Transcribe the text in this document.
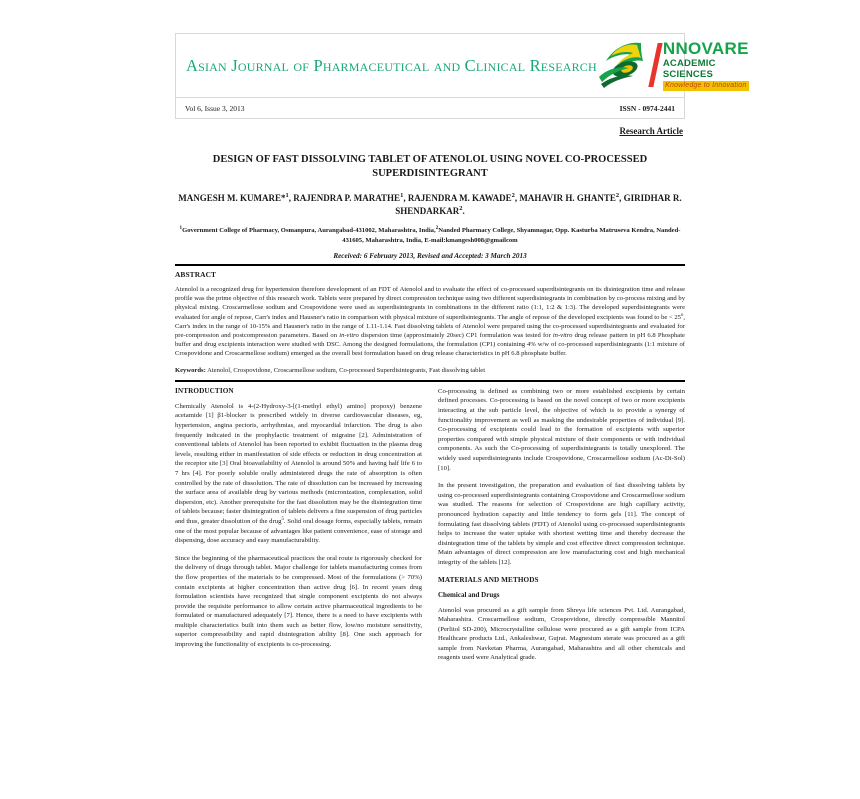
Asian Journal of Pharmaceutical and Clinical Research
NNOVARE
ACADEMIC SCIENCES
Knowledge to Innovation
Vol 6, Issue 3, 2013	ISSN - 0974-2441
Research Article
DESIGN OF FAST DISSOLVING TABLET OF ATENOLOL USING NOVEL CO-PROCESSED SUPERDISINTEGRANT
MANGESH M. KUMARE*$^1$, RAJENDRA P. MARATHE$^1$, RAJENDRA M. KAWADE$^2$, MAHAVIR H. GHANTE$^2$, GIRIDHAR R. SHENDARKAR$^2$.
$^1$Government College of Pharmacy, Osmanpura, Aurangabad-431002, Maharashtra, India,$^2$Nanded Pharmacy College, Shyamnagar, Opp. Kasturba Matruseva Kendra, Nanded-431605, Maharashtra, India, E-mail:kmangesh008@gmailcom
Received: 6 February 2013, Revised and Accepted: 3 March 2013
ABSTRACT
Atenolol is a recognized drug for hypertension therefore development of an FDT of Atenolol and to evaluate the effect of co-processed superdisintegrants on its disintegration time and release profile was the prime objective of this research work. Tablets were prepared by direct compression technique using two different superdisintegrants in combination by co-process mixing and by physical mixing. Croscarmellose sodium and Crospovidone were used as superdisintegrants in combinations in the different ratio (1:1, 1:2 & 1:3). The developed superdisintegrants were evaluated for angle of repose, Carr's index and Hausner's ratio in comparison with physical mixture of superdisintegrants. The angle of repose of the developed excipients was found to be < $25^o$, Carr's index in the range of 10-15% and Hausner's ratio in the range of 1.11-1.14. Fast dissolving tablets of Atenolol were prepared using the co-processed superdisintegrants and evaluated for pre-compression and postcompression parameters. Based on in-vitro dispersion time (approximately 20sec) CP1 formulation was tested for in-vitro drug release pattern in pH 6.8 Phosphate buffer and drug excipients interaction were studied with DSC. Among the designed formulations, the formulation (CP1) containing 4% w/w of co-processed superdisintegrants (1:1 mixture of Crospovidone and Croscarmellose sodium) emerged as the overall best formulation based on drug release characteristics in pH 6.8 phosphate buffer.
Keywords: Atenolol, Crospovidone, Croscarmellose sodium, Co-processed Superdisintegrants, Fast dissolving tablet
INTRODUCTION

Chemically Atenolol is 4-(2-Hydroxy-3-[(1-methyl ethyl) amino] propoxy) benzene acetamide [1] β1-blocker is prescribed widely in diverse cardiovascular diseases, eg, hypertension, angina pectoris, arrhythmias, and myocardial infarction. The drug is also frequently indicated in the prophylactic treatment of migraine [2]. Administration of conventional tablets of Atenolol has been reported to exhibit fluctuation in the plasma drug levels, resulting either in manifestation of side effects or reduction in drug concentration at the receptor site [3] Oral bioavailability of Atenolol is around 50% and having half life 6 to 7 hrs [4]. For poorly soluble orally administered drugs the rate of absorption is often controlled by the rate of dissolution. The rate of dissolution can be increased by increasing the surface area of available drug by various methods (micronization, complexation, solid dispersion, etc). Another prerequisite for the fast dissolution may be the disintegration time of tablets because; faster disintegration of tablets delivers a fine suspension of drug particles and thus, greater dissolution of the drug$^5$. Solid oral dosage forms, especially tablets, remain one of the most popular because of advantages like patient convenience, ease of storage and dispensing, dose accuracy and easy manufacturability.

Since the beginning of the pharmaceutical practices the oral route is rigorously checked for the delivery of drugs through tablet. Major challenge for tablets manufacturing comes from the flow properties of the materials to be compressed. Most of the formulations (> 70%) contain excipients at higher concentration than active drug [6]. In recent years drug formulation scientists have recognized that single component excipients do not always provide the requisite performance to allow certain active pharmaceutical ingredients to be formulated or manufactured adequately [7]. Hence, there is a need to have excipients with multiple characteristics built into them such as better flow, low/no moisture sensitivity, superior compressibility and rapid disintegration ability [8]. One such approach for improving the functionality of excipients is co-processing.

Co-processing is defined as combining two or more established excipients by certain defined processes. Co-processing is based on the novel concept of two or more excipients interacting at the sub particle level, the objective of which is to provide a synergy of functionality improvement as well as masking the undesirable properties of individual [9]. Co-processing of excipients could lead to the formation of excipients with superior properties compared with simple physical mixture of their components or with individual components. As such the Co-processing of superdisintegrants is totally unexplored. The widely used superdisintegrants include Crospovidone, Croscarmellose sodium (Ac-Di-Sol) [10].

In the present investigation, the preparation and evaluation of fast dissolving tablets by using co-processed superdisintegrants containing Crospovidone and Croscarmellose sodium was studied. The reasons for selection of Crospovidone are high capillary activity, pronounced hydration capacity and little tendency to form gels [11]. The concept of formulating fast dissolving tablets (FDT) of Atenolol using co-processed superdisintegrants helps to increase the water uptake with shortest wetting time and thereby decrease the disintegration time of the tablets by simple and cost effective direct compression technique. Main advantages of direct compression are low manufacturing cost and high mechanical integrity of the tablets [12].

MATERIALS AND METHODS
Chemical and Drugs

Atenolol was procured as a gift sample from Shreya life sciences Pvt. Ltd. Aurangabad, Maharashtra. Croscarmellose sodium, Crospovidone, directly compressible Mannitol (Perlitol SD-200), Microcrystalline cellulose were procured as a gift sample from ICPA Healthcare products Ltd., Ankaleshwar, Gujrat. Magnesium sterate was procured as a gift sample from Navketan Pharma, Aurangabad, Maharashtra and all other chemicals and reagents used were Analytical grade.
